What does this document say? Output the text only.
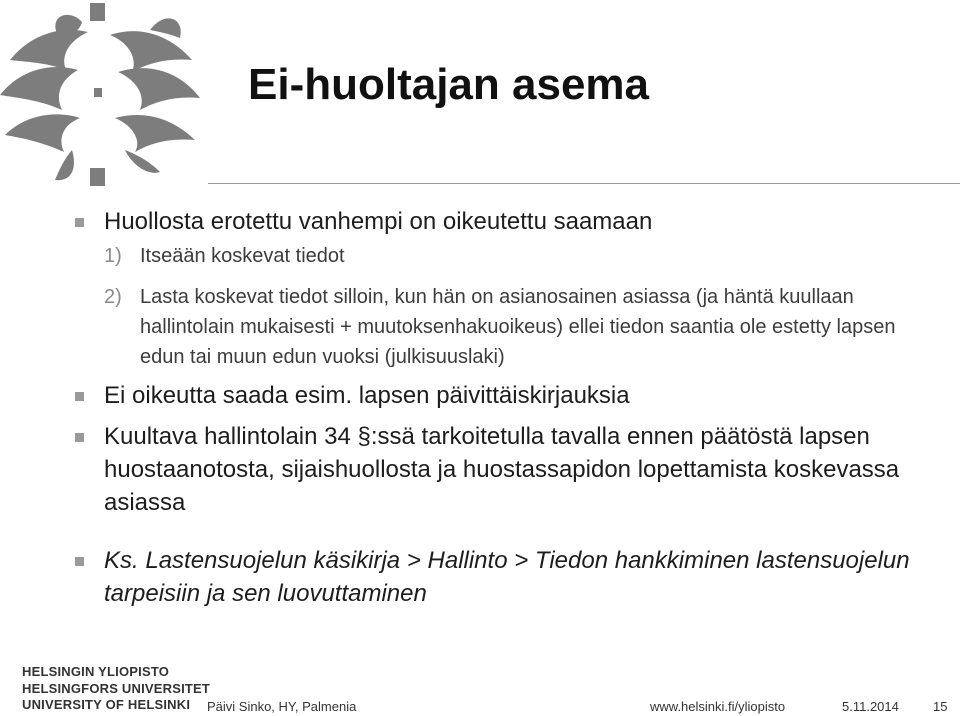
Ei-huoltajan asema
Huollosta erotettu vanhempi on oikeutettu saamaan
1) Itseään koskevat tiedot
2) Lasta koskevat tiedot silloin, kun hän on asianosainen asiassa (ja häntä kuullaan hallintolain mukaisesti + muutoksenhakuoikeus) ellei tiedon saantia ole estetty lapsen edun tai muun edun vuoksi (julkisuuslaki)
Ei oikeutta saada esim. lapsen päivittäiskirjauksia
Kuultava hallintolain 34 §:ssä tarkoitetulla tavalla ennen päätöstä lapsen huostaanotosta, sijaishuollosta ja huostassapidon lopettamista koskevassa asiassa
Ks. Lastensuojelun käsikirja > Hallinto > Tiedon hankkiminen lastensuojelun tarpeisiin ja sen luovuttaminen
HELSINGIN YLIOPISTO
HELSINGFORS UNIVERSITET
UNIVERSITY OF HELSINKI	Päivi Sinko, HY, Palmenia	www.helsinki.fi/yliopisto	5.11.2014	15
